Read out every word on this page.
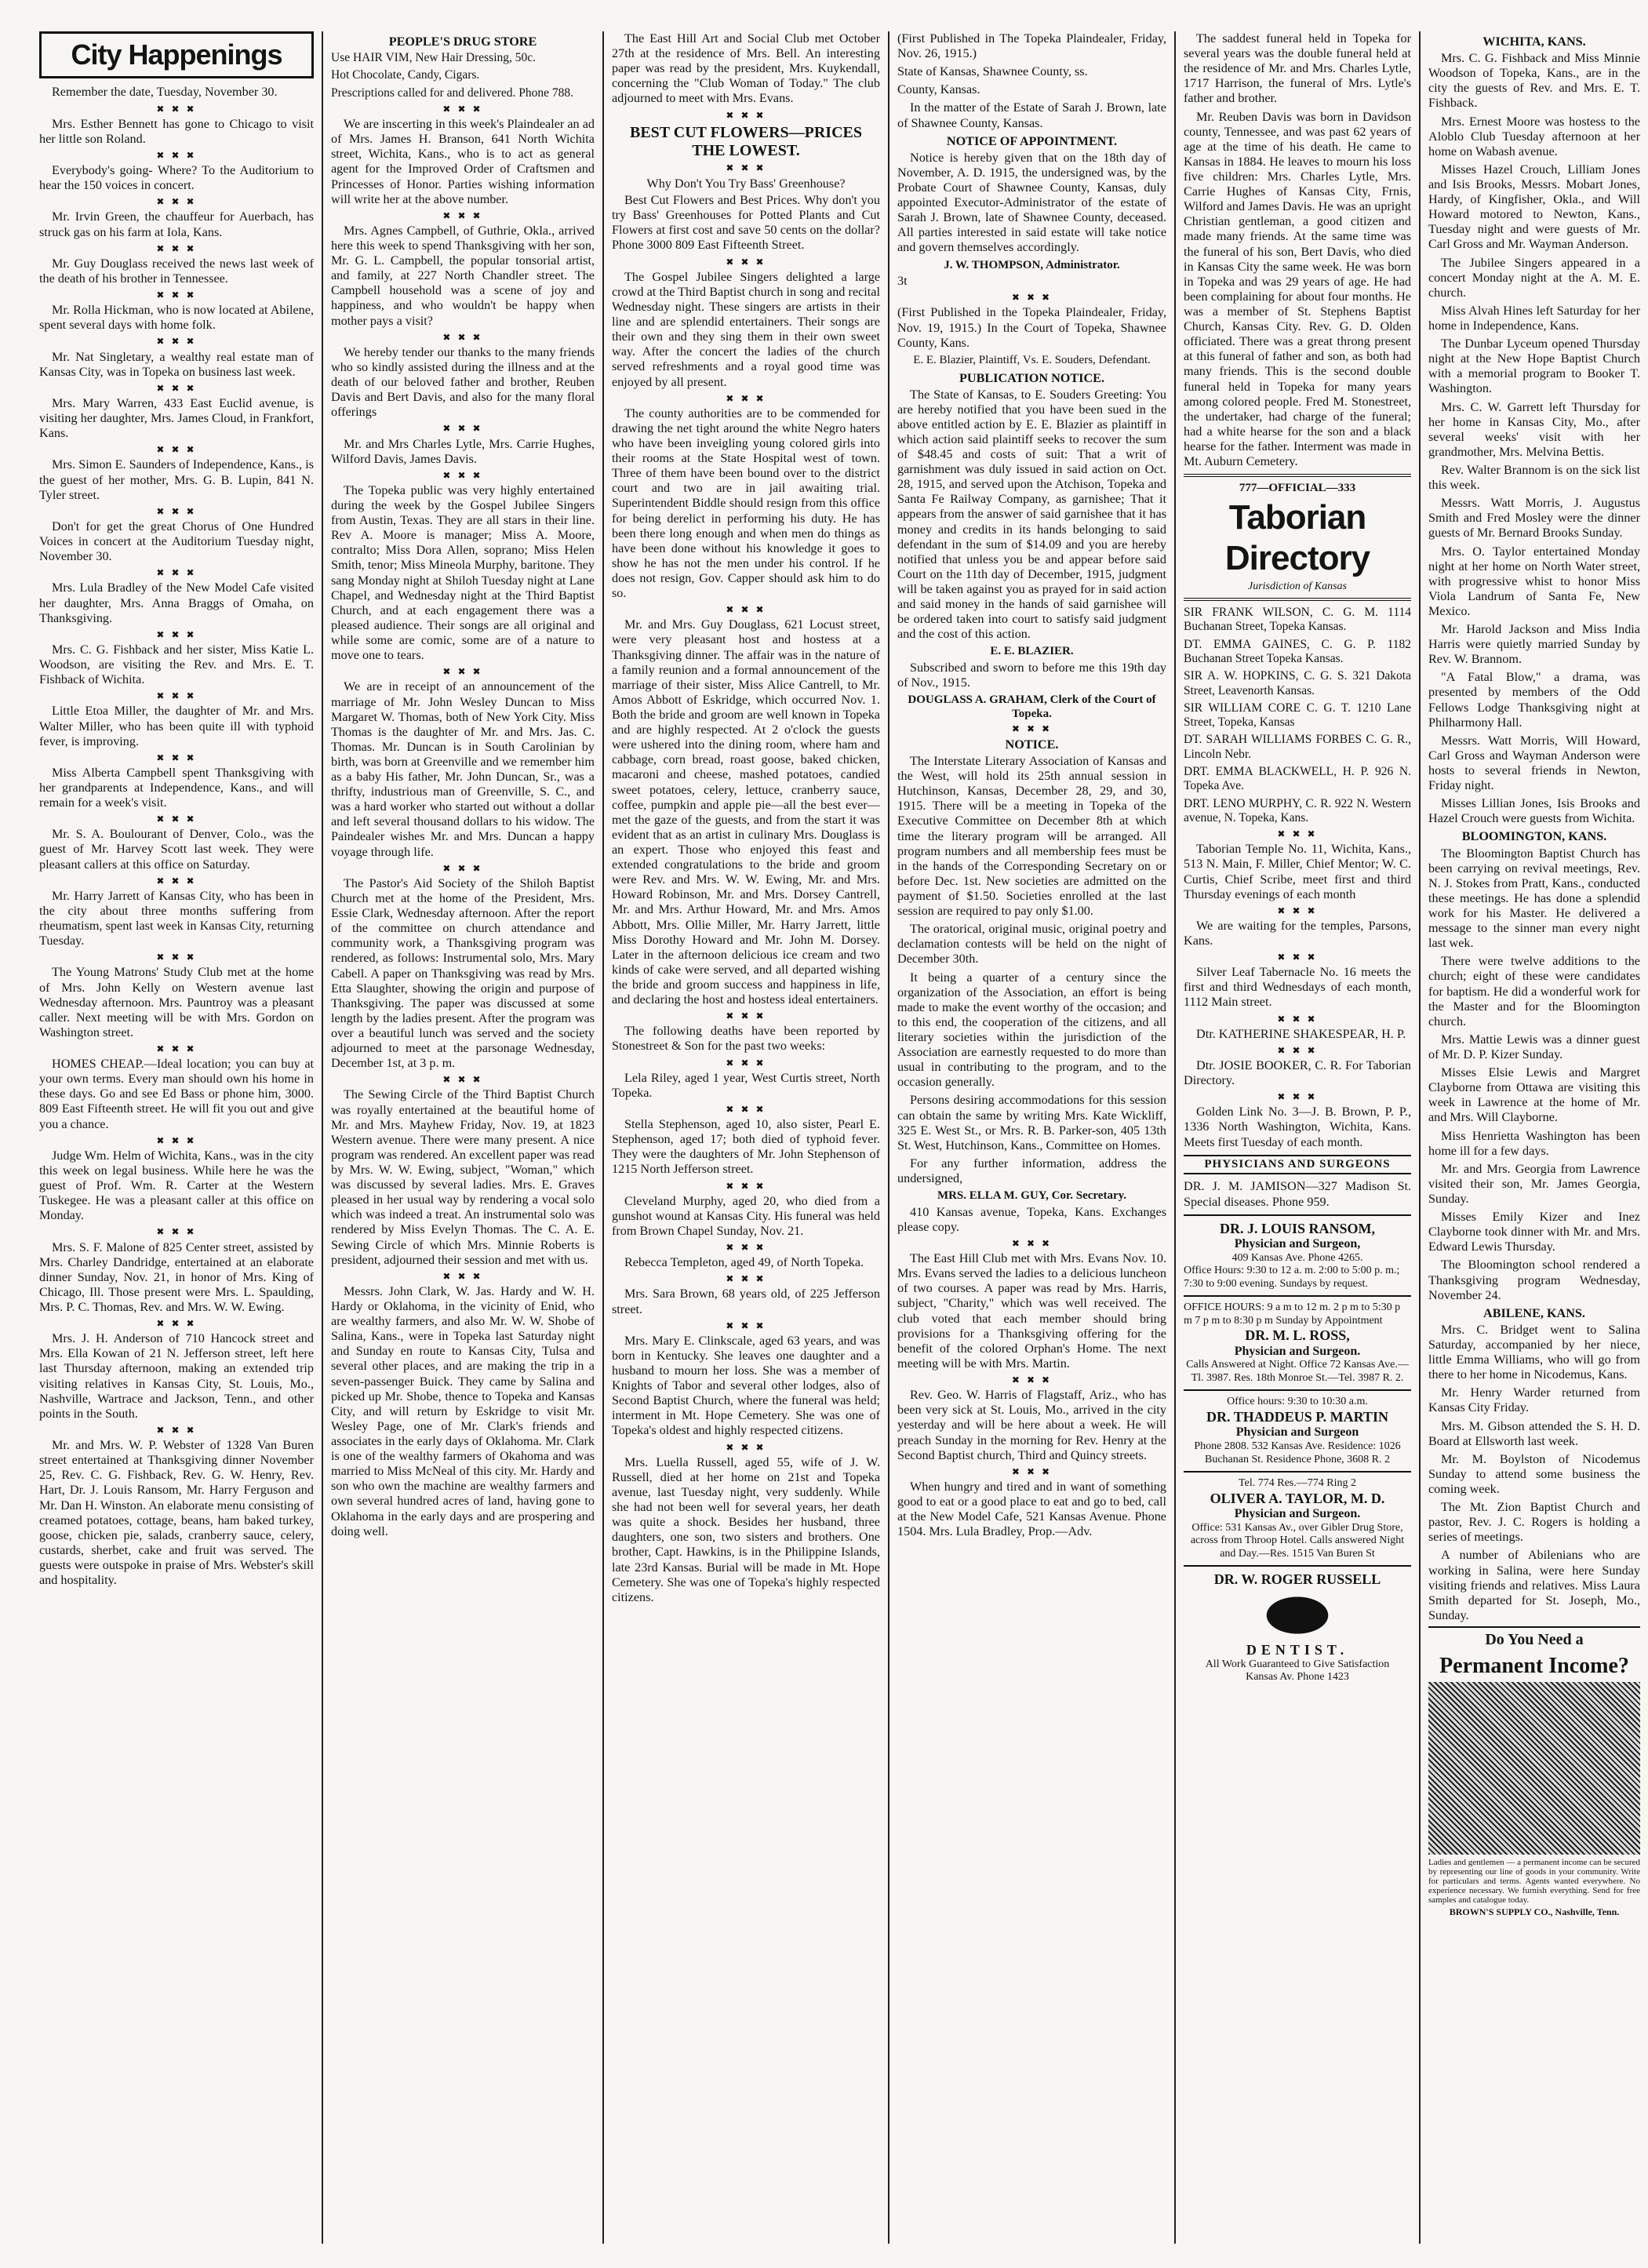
City Happenings

Remember the date, Tuesday, November 30.

✖ ✖ ✖

Mrs. Esther Bennett has gone to Chicago to visit her little son Roland.

✖ ✖ ✖

Everybody's going- Where? To the Auditorium to hear the 150 voices in concert.

✖ ✖ ✖

Mr. Irvin Green, the chauffeur for Auerbach, has struck gas on his farm at Iola, Kans.

✖ ✖ ✖

Mr. Guy Douglass received the news last week of the death of his brother in Tennessee.

✖ ✖ ✖

Mr. Rolla Hickman, who is now located at Abilene, spent several days with home folk.

✖ ✖ ✖

Mr. Nat Singletary, a wealthy real estate man of Kansas City, was in Topeka on business last week.

✖ ✖ ✖

Mrs. Mary Warren, 433 East Euclid avenue, is visiting her daughter, Mrs. James Cloud, in Frankfort, Kans.

✖ ✖ ✖

Mrs. Simon E. Saunders of Independence, Kans., is the guest of her mother, Mrs. G. B. Lupin, 841 N. Tyler street.

✖ ✖ ✖

Don't for get the great Chorus of One Hundred Voices in concert at the Auditorium Tuesday night, November 30.

✖ ✖ ✖

Mrs. Lula Bradley of the New Model Cafe visited her daughter, Mrs. Anna Braggs of Omaha, on Thanksgiving.

✖ ✖ ✖

Mrs. C. G. Fishback and her sister, Miss Katie L. Woodson, are visiting the Rev. and Mrs. E. T. Fishback of Wichita.

✖ ✖ ✖

Little Etoa Miller, the daughter of Mr. and Mrs. Walter Miller, who has been quite ill with typhoid fever, is improving.

✖ ✖ ✖

Miss Alberta Campbell spent Thanksgiving with her grandparents at Independence, Kans., and will remain for a week's visit.

✖ ✖ ✖

Mr. S. A. Boulourant of Denver, Colo., was the guest of Mr. Harvey Scott last week. They were pleasant callers at this office on Saturday.

✖ ✖ ✖

Mr. Harry Jarrett of Kansas City, who has been in the city about three months suffering from rheumatism, spent last week in Kansas City, returning Tuesday.

✖ ✖ ✖

The Young Matrons' Study Club met at the home of Mrs. John Kelly on Western avenue last Wednesday afternoon. Mrs. Pauntroy was a pleasant caller. Next meeting will be with Mrs. Gordon on Washington street.

✖ ✖ ✖

HOMES CHEAP.—Ideal location; you can buy at your own terms. Every man should own his home in these days. Go and see Ed Bass or phone him, 3000. 809 East Fifteenth street. He will fit you out and give you a chance.

✖ ✖ ✖

Judge Wm. Helm of Wichita, Kans., was in the city this week on legal business. While here he was the guest of Prof. Wm. R. Carter at the Western Tuskegee. He was a pleasant caller at this office on Monday.

✖ ✖ ✖

Mrs. S. F. Malone of 825 Center street, assisted by Mrs. Charley Dandridge, entertained at an elaborate dinner Sunday, Nov. 21, in honor of Mrs. King of Chicago, Ill. Those present were Mrs. L. Spaulding, Mrs. P. C. Thomas, Rev. and Mrs. W. W. Ewing.

✖ ✖ ✖

Mrs. J. H. Anderson of 710 Hancock street and Mrs. Ella Kowan of 21 N. Jefferson street, left here last Thursday afternoon, making an extended trip visiting relatives in Kansas City, St. Louis, Mo., Nashville, Wartrace and Jackson, Tenn., and other points in the South.

✖ ✖ ✖

Mr. and Mrs. W. P. Webster of 1328 Van Buren street entertained at Thanksgiving dinner November 25, Rev. C. G. Fishback, Rev. G. W. Henry, Rev. Hart, Dr. J. Louis Ransom, Mr. Harry Ferguson and Mr. Dan H. Winston. An elaborate menu consisting of creamed potatoes, cottage, beans, ham baked turkey, goose, chicken pie, salads, cranberry sauce, celery, custards, sherbet, cake and fruit was served. The guests were outspoke in praise of Mrs. Webster's skill and hospitality.

PEOPLE'S DRUG STORE

Use HAIR VIM, New Hair Dressing, 50c.

Hot Chocolate, Candy, Cigars.

Prescriptions called for and delivered. Phone 788.

✖ ✖ ✖

We are inscerting in this week's Plaindealer an ad of Mrs. James H. Branson, 641 North Wichita street, Wichita, Kans., who is to act as general agent for the Improved Order of Craftsmen and Princesses of Honor. Parties wishing information will write her at the above number.

✖ ✖ ✖

Mrs. Agnes Campbell, of Guthrie, Okla., arrived here this week to spend Thanksgiving with her son, Mr. G. L. Campbell, the popular tonsorial artist, and family, at 227 North Chandler street. The Campbell household was a scene of joy and happiness, and who wouldn't be happy when mother pays a visit?

✖ ✖ ✖

We hereby tender our thanks to the many friends who so kindly assisted during the illness and at the death of our beloved father and brother, Reuben Davis and Bert Davis, and also for the many floral offerings

✖ ✖ ✖

Mr. and Mrs Charles Lytle, Mrs. Carrie Hughes, Wilford Davis, James Davis.

✖ ✖ ✖

The Topeka public was very highly entertained during the week by the Gospel Jubilee Singers from Austin, Texas. They are all stars in their line. Rev A. Moore is manager; Miss A. Moore, contralto; Miss Dora Allen, soprano; Miss Helen Smith, tenor; Miss Mineola Murphy, baritone. They sang Monday night at Shiloh Tuesday night at Lane Chapel, and Wednesday night at the Third Baptist Church, and at each engagement there was a pleased audience. Their songs are all original and while some are comic, some are of a nature to move one to tears.

✖ ✖ ✖

We are in receipt of an announcement of the marriage of Mr. John Wesley Duncan to Miss Margaret W. Thomas, both of New York City. Miss Thomas is the daughter of Mr. and Mrs. Jas. C. Thomas. Mr. Duncan is in South Carolinian by birth, was born at Greenville and we remember him as a baby His father, Mr. John Duncan, Sr., was a thrifty, industrious man of Greenville, S. C., and was a hard worker who started out without a dollar and left several thousand dollars to his widow. The Paindealer wishes Mr. and Mrs. Duncan a happy voyage through life.

✖ ✖ ✖

The Pastor's Aid Society of the Shiloh Baptist Church met at the home of the President, Mrs. Essie Clark, Wednesday afternoon. After the report of the committee on church attendance and community work, a Thanksgiving program was rendered, as follows: Instrumental solo, Mrs. Mary Cabell. A paper on Thanksgiving was read by Mrs. Etta Slaughter, showing the origin and purpose of Thanksgiving. The paper was discussed at some length by the ladies present. After the program was over a beautiful lunch was served and the society adjourned to meet at the parsonage Wednesday, December 1st, at 3 p. m.

✖ ✖ ✖

The Sewing Circle of the Third Baptist Church was royally entertained at the beautiful home of Mr. and Mrs. Mayhew Friday, Nov. 19, at 1823 Western avenue. There were many present. A nice program was rendered. An excellent paper was read by Mrs. W. W. Ewing, subject, "Woman," which was discussed by several ladies. Mrs. E. Graves pleased in her usual way by rendering a vocal solo which was indeed a treat. An instrumental solo was rendered by Miss Evelyn Thomas. The C. A. E. Sewing Circle of which Mrs. Minnie Roberts is president, adjourned their session and met with us.

✖ ✖ ✖

Messrs. John Clark, W. Jas. Hardy and W. H. Hardy or Oklahoma, in the vicinity of Enid, who are wealthy farmers, and also Mr. W. W. Shobe of Salina, Kans., were in Topeka last Saturday night and Sunday en route to Kansas City, Tulsa and several other places, and are making the trip in a seven-passenger Buick. They came by Salina and picked up Mr. Shobe, thence to Topeka and Kansas City, and will return by Eskridge to visit Mr. Wesley Page, one of Mr. Clark's friends and associates in the early days of Oklahoma. Mr. Clark is one of the wealthy farmers of Okahoma and was married to Miss McNeal of this city. Mr. Hardy and son who own the machine are wealthy farmers and own several hundred acres of land, having gone to Oklahoma in the early days and are prospering and doing well.

The East Hill Art and Social Club met October 27th at the residence of Mrs. Bell. An interesting paper was read by the president, Mrs. Kuykendall, concerning the "Club Woman of Today." The club adjourned to meet with Mrs. Evans.

✖ ✖ ✖
BEST CUT FLOWERS—PRICES THE LOWEST.
✖ ✖ ✖
Why Don't You Try Bass' Greenhouse?

Best Cut Flowers and Best Prices. Why don't you try Bass' Greenhouses for Potted Plants and Cut Flowers at first cost and save 50 cents on the dollar? Phone 3000 809 East Fifteenth Street.

✖ ✖ ✖

The Gospel Jubilee Singers delighted a large crowd at the Third Baptist church in song and recital Wednesday night. These singers are artists in their line and are splendid entertainers. Their songs are their own and they sing them in their own sweet way. After the concert the ladies of the church served refreshments and a royal good time was enjoyed by all present.

✖ ✖ ✖

The county authorities are to be commended for drawing the net tight around the white Negro haters who have been inveigling young colored girls into their rooms at the State Hospital west of town. Three of them have been bound over to the district court and two are in jail awaiting trial. Superintendent Biddle should resign from this office for being derelict in performing his duty. He has been there long enough and when men do things as have been done without his knowledge it goes to show he has not the men under his control. If he does not resign, Gov. Capper should ask him to do so.

✖ ✖ ✖

Mr. and Mrs. Guy Douglass, 621 Locust street, were very pleasant host and hostess at a Thanksgiving dinner. The affair was in the nature of a family reunion and a formal announcement of the marriage of their sister, Miss Alice Cantrell, to Mr. Amos Abbott of Eskridge, which occurred Nov. 1. Both the bride and groom are well known in Topeka and are highly respected. At 2 o'clock the guests were ushered into the dining room, where ham and cabbage, corn bread, roast goose, baked chicken, macaroni and cheese, mashed potatoes, candied sweet potatoes, celery, lettuce, cranberry sauce, coffee, pumpkin and apple pie—all the best ever—met the gaze of the guests, and from the start it was evident that as an artist in culinary Mrs. Douglass is an expert. Those who enjoyed this feast and extended congratulations to the bride and groom were Rev. and Mrs. W. W. Ewing, Mr. and Mrs. Howard Robinson, Mr. and Mrs. Dorsey Cantrell, Mr. and Mrs. Arthur Howard, Mr. and Mrs. Amos Abbott, Mrs. Ollie Miller, Mr. Harry Jarrett, little Miss Dorothy Howard and Mr. John M. Dorsey. Later in the afternoon delicious ice cream and two kinds of cake were served, and all departed wishing the bride and groom success and happiness in life, and declaring the host and hostess ideal entertainers.

✖ ✖ ✖

The following deaths have been reported by Stonestreet & Son for the past two weeks:

✖ ✖ ✖

Lela Riley, aged 1 year, West Curtis street, North Topeka.

✖ ✖ ✖

Stella Stephenson, aged 10, also sister, Pearl E. Stephenson, aged 17; both died of typhoid fever. They were the daughters of Mr. John Stephenson of 1215 North Jefferson street.

✖ ✖ ✖

Cleveland Murphy, aged 20, who died from a gunshot wound at Kansas City. His funeral was held from Brown Chapel Sunday, Nov. 21.

✖ ✖ ✖

Rebecca Templeton, aged 49, of North Topeka.

✖ ✖ ✖

Mrs. Sara Brown, 68 years old, of 225 Jefferson street.

✖ ✖ ✖

Mrs. Mary E. Clinkscale, aged 63 years, and was born in Kentucky. She leaves one daughter and a husband to mourn her loss. She was a member of Knights of Tabor and several other lodges, also of Second Baptist Church, where the funeral was held; interment in Mt. Hope Cemetery. She was one of Topeka's oldest and highly respected citizens.

✖ ✖ ✖

Mrs. Luella Russell, aged 55, wife of J. W. Russell, died at her home on 21st and Topeka avenue, last Tuesday night, very suddenly. While she had not been well for several years, her death was quite a shock. Besides her husband, three daughters, one son, two sisters and brothers. One brother, Capt. Hawkins, is in the Philippine Islands, late 23rd Kansas. Burial will be made in Mt. Hope Cemetery. She was one of Topeka's highly respected citizens.

(First Published in The Topeka Plaindealer, Friday, Nov. 26, 1915.)

State of Kansas, Shawnee County, ss.

County, Kansas.

In the matter of the Estate of Sarah J. Brown, late of Shawnee County, Kansas.

NOTICE OF APPOINTMENT.

Notice is hereby given that on the 18th day of November, A. D. 1915, the undersigned was, by the Probate Court of Shawnee County, Kansas, duly appointed Executor-Administrator of the estate of Sarah J. Brown, late of Shawnee County, deceased. All parties interested in said estate will take notice and govern themselves accordingly.

J. W. THOMPSON, Administrator.

3t

✖ ✖ ✖

(First Published in the Topeka Plaindealer, Friday, Nov. 19, 1915.) In the Court of Topeka, Shawnee County, Kans.

E. E. Blazier, Plaintiff, Vs. E. Souders, Defendant.
PUBLICATION NOTICE.

The State of Kansas, to E. Souders Greeting: You are hereby notified that you have been sued in the above entitled action by E. E. Blazier as plaintiff in which action said plaintiff seeks to recover the sum of $48.45 and costs of suit: That a writ of garnishment was duly issued in said action on Oct. 28, 1915, and served upon the Atchison, Topeka and Santa Fe Railway Company, as garnishee; That it appears from the answer of said garnishee that it has money and credits in its hands belonging to said defendant in the sum of $14.09 and you are hereby notified that unless you be and appear before said Court on the 11th day of December, 1915, judgment will be taken against you as prayed for in said action and said money in the hands of said garnishee will be ordered taken into court to satisfy said judgment and the cost of this action.

E. E. BLAZIER.

Subscribed and sworn to before me this 19th day of Nov., 1915.

DOUGLASS A. GRAHAM, Clerk of the Court of Topeka.
✖ ✖ ✖
NOTICE.

The Interstate Literary Association of Kansas and the West, will hold its 25th annual session in Hutchinson, Kansas, December 28, 29, and 30, 1915. There will be a meeting in Topeka of the Executive Committee on December 8th at which time the literary program will be arranged. All program numbers and all membership fees must be in the hands of the Corresponding Secretary on or before Dec. 1st. New societies are admitted on the payment of $1.50. Societies enrolled at the last session are required to pay only $1.00.

The oratorical, original music, original poetry and declamation contests will be held on the night of December 30th.

It being a quarter of a century since the organization of the Association, an effort is being made to make the event worthy of the occasion; and to this end, the cooperation of the citizens, and all literary societies within the jurisdiction of the Association are earnestly requested to do more than usual in contributing to the program, and to the occasion generally.

Persons desiring accommodations for this session can obtain the same by writing Mrs. Kate Wickliff, 325 E. West St., or Mrs. R. B. Parker-son, 405 13th St. West, Hutchinson, Kans., Committee on Homes.

For any further information, address the undersigned,

MRS. ELLA M. GUY, Cor. Secretary.

410 Kansas avenue, Topeka, Kans. Exchanges please copy.

✖ ✖ ✖

The East Hill Club met with Mrs. Evans Nov. 10. Mrs. Evans served the ladies to a delicious luncheon of two courses. A paper was read by Mrs. Harris, subject, "Charity," which was well received. The club voted that each member should bring provisions for a Thanksgiving offering for the benefit of the colored Orphan's Home. The next meeting will be with Mrs. Martin.

✖ ✖ ✖

Rev. Geo. W. Harris of Flagstaff, Ariz., who has been very sick at St. Louis, Mo., arrived in the city yesterday and will be here about a week. He will preach Sunday in the morning for Rev. Henry at the Second Baptist church, Third and Quincy streets.

✖ ✖ ✖

When hungry and tired and in want of something good to eat or a good place to eat and go to bed, call at the New Model Cafe, 521 Kansas Avenue. Phone 1504. Mrs. Lula Bradley, Prop.—Adv.

The saddest funeral held in Topeka for several years was the double funeral held at the residence of Mr. and Mrs. Charles Lytle, 1717 Harrison, the funeral of Mrs. Lytle's father and brother.

Mr. Reuben Davis was born in Davidson county, Tennessee, and was past 62 years of age at the time of his death. He came to Kansas in 1884. He leaves to mourn his loss five children: Mrs. Charles Lytle, Mrs. Carrie Hughes of Kansas City, Frnis, Wilford and James Davis. He was an upright Christian gentleman, a good citizen and made many friends. At the same time was the funeral of his son, Bert Davis, who died in Kansas City the same week. He was born in Topeka and was 29 years of age. He had been complaining for about four months. He was a member of St. Stephens Baptist Church, Kansas City. Rev. G. D. Olden officiated. There was a great throng present at this funeral of father and son, as both had many friends. This is the second double funeral held in Topeka for many years among colored people. Fred M. Stonestreet, the undertaker, had charge of the funeral; had a white hearse for the son and a black hearse for the father. Interment was made in Mt. Auburn Cemetery.

777—OFFICIAL—333
Taborian Directory
Jurisdiction of Kansas

SIR FRANK WILSON, C. G. M. 1114 Buchanan Street, Topeka Kansas.

DT. EMMA GAINES, C. G. P. 1182 Buchanan Street Topeka Kansas.

SIR A. W. HOPKINS, C. G. S. 321 Dakota Street, Leavenorth Kansas.

SIR WILLIAM CORE C. G. T. 1210 Lane Street, Topeka, Kansas

DT. SARAH WILLIAMS FORBES C. G. R., Lincoln Nebr.

DRT. EMMA BLACKWELL, H. P. 926 N. Topeka Ave.

DRT. LENO MURPHY, C. R. 922 N. Western avenue, N. Topeka, Kans.

✖ ✖ ✖

Taborian Temple No. 11, Wichita, Kans., 513 N. Main, F. Miller, Chief Mentor; W. C. Curtis, Chief Scribe, meet first and third Thursday evenings of each month

✖ ✖ ✖

We are waiting for the temples, Parsons, Kans.

✖ ✖ ✖

Silver Leaf Tabernacle No. 16 meets the first and third Wednesdays of each month, 1112 Main street.

✖ ✖ ✖

Dtr. KATHERINE SHAKESPEAR, H. P.

✖ ✖ ✖

Dtr. JOSIE BOOKER, C. R. For Taborian Directory.

✖ ✖ ✖

Golden Link No. 3—J. B. Brown, P. P., 1336 North Washington, Wichita, Kans. Meets first Tuesday of each month.

PHYSICIANS AND SURGEONS

DR. J. M. JAMISON—327 Madison St. Special diseases. Phone 959.

DR. J. LOUIS RANSOM,
Physician and Surgeon,
409 Kansas Ave. Phone 4265.
Office Hours: 9:30 to 12 a. m. 2:00 to 5:00 p. m.; 7:30 to 9:00 evening. Sundays by request.
OFFICE HOURS: 9 a m to 12 m. 2 p m to 5:30 p m 7 p m to 8:30 p m Sunday by Appointment
DR. M. L. ROSS,
Physician and Surgeon.
Calls Answered at Night. Office 72 Kansas Ave.—Tl. 3987. Res. 18th Monroe St.—Tel. 3987 R. 2.
Office hours: 9:30 to 10:30 a.m.
DR. THADDEUS P. MARTIN
Physician and Surgeon
Phone 2808. 532 Kansas Ave. Residence: 1026 Buchanan St. Residence Phone, 3608 R. 2
Tel. 774 Res.—774 Ring 2
OLIVER A. TAYLOR, M. D.
Physician and Surgeon.
Office: 531 Kansas Av., over Gibler Drug Store, across from Throop Hotel. Calls answered Night and Day.—Res. 1515 Van Buren St
DR. W. ROGER RUSSELL
DENTIST.
All Work Guaranteed to Give Satisfaction
Kansas Av. Phone 1423
WICHITA, KANS.

Mrs. C. G. Fishback and Miss Minnie Woodson of Topeka, Kans., are in the city the guests of Rev. and Mrs. E. T. Fishback.

Mrs. Ernest Moore was hostess to the Aloblo Club Tuesday afternoon at her home on Wabash avenue.

Misses Hazel Crouch, Lilliam Jones and Isis Brooks, Messrs. Mobart Jones, Hardy, of Kingfisher, Okla., and Will Howard motored to Newton, Kans., Tuesday night and were guests of Mr. Carl Gross and Mr. Wayman Anderson.

The Jubilee Singers appeared in a concert Monday night at the A. M. E. church.

Miss Alvah Hines left Saturday for her home in Independence, Kans.

The Dunbar Lyceum opened Thursday night at the New Hope Baptist Church with a memorial program to Booker T. Washington.

Mrs. C. W. Garrett left Thursday for her home in Kansas City, Mo., after several weeks' visit with her grandmother, Mrs. Melvina Bettis.

Rev. Walter Brannom is on the sick list this week.

Messrs. Watt Morris, J. Augustus Smith and Fred Mosley were the dinner guests of Mr. Bernard Brooks Sunday.

Mrs. O. Taylor entertained Monday night at her home on North Water street, with progressive whist to honor Miss Viola Landrum of Santa Fe, New Mexico.

Mr. Harold Jackson and Miss India Harris were quietly married Sunday by Rev. W. Brannom.

"A Fatal Blow," a drama, was presented by members of the Odd Fellows Lodge Thanksgiving night at Philharmony Hall.

Messrs. Watt Morris, Will Howard, Carl Gross and Wayman Anderson were hosts to several friends in Newton, Friday night.

Misses Lillian Jones, Isis Brooks and Hazel Crouch were guests from Wichita.

BLOOMINGTON, KANS.

The Bloomington Baptist Church has been carrying on revival meetings, Rev. N. J. Stokes from Pratt, Kans., conducted these meetings. He has done a splendid work for his Master. He delivered a message to the sinner man every night last wek.

There were twelve additions to the church; eight of these were candidates for baptism. He did a wonderful work for the Master and for the Bloomington church.

Mrs. Mattie Lewis was a dinner guest of Mr. D. P. Kizer Sunday.

Misses Elsie Lewis and Margret Clayborne from Ottawa are visiting this week in Lawrence at the home of Mr. and Mrs. Will Clayborne.

Miss Henrietta Washington has been home ill for a few days.

Mr. and Mrs. Georgia from Lawrence visited their son, Mr. James Georgia, Sunday.

Misses Emily Kizer and Inez Clayborne took dinner with Mr. and Mrs. Edward Lewis Thursday.

The Bloomington school rendered a Thanksgiving program Wednesday, November 24.

ABILENE, KANS.

Mrs. C. Bridget went to Salina Saturday, accompanied by her niece, little Emma Williams, who will go from there to her home in Nicodemus, Kans.

Mr. Henry Warder returned from Kansas City Friday.

Mrs. M. Gibson attended the S. H. D. Board at Ellsworth last week.

Mr. M. Boylston of Nicodemus Sunday to attend some business the coming week.

The Mt. Zion Baptist Church and pastor, Rev. J. C. Rogers is holding a series of meetings.

A number of Abilenians who are working in Salina, were here Sunday visiting friends and relatives. Miss Laura Smith departed for St. Joseph, Mo., Sunday.

Do You Need a
Permanent Income?
Ladies and gentlemen — a permanent income can be secured by representing our line of goods in your community. Write for particulars and terms. Agents wanted everywhere. No experience necessary. We furnish everything. Send for free samples and catalogue today.
BROWN'S SUPPLY CO., Nashville, Tenn.
